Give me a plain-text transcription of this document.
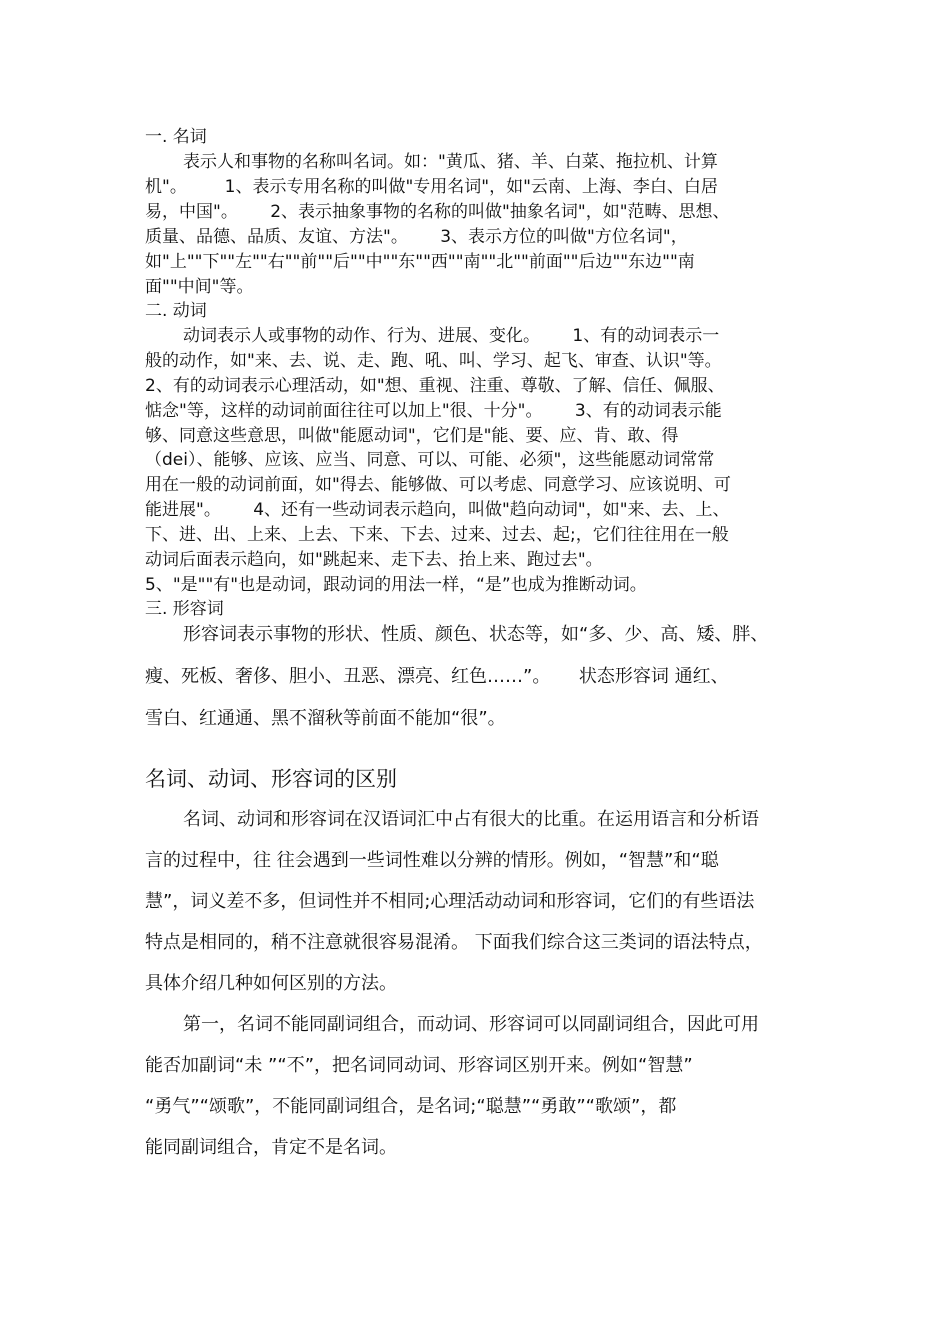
一. 名词
表示人和事物的名称叫名词。如："黄瓜、猪、羊、白菜、拖拉机、计算
机"。       1、表示专用名称的叫做"专用名词"，如"云南、上海、李白、白居
易，中国"。      2、表示抽象事物的名称的叫做"抽象名词"，如"范畴、思想、
质量、品德、品质、友谊、方法"。      3、表示方位的叫做"方位名词"，
如"上""下""左""右""前""后""中""东""西""南""北""前面""后边""东边""南
面""中间"等。
二. 动词
动词表示人或事物的动作、行为、进展、变化。      1、有的动词表示一
般的动作，如"来、去、说、走、跑、吼、叫、学习、起飞、审查、认识"等。
2、有的动词表示心理活动，如"想、重视、注重、尊敬、了解、信任、佩服、
惦念"等，这样的动词前面往往可以加上"很、十分"。      3、有的动词表示能
够、同意这些意思，叫做"能愿动词"，它们是"能、要、应、肯、敢、得
（dei）、能够、应该、应当、同意、可以、可能、必须"，这些能愿动词常常
用在一般的动词前面，如"得去、能够做、可以考虑、同意学习、应该说明、可
能进展"。      4、还有一些动词表示趋向，叫做"趋向动词"，如"来、去、上、
下、进、出、上来、上去、下来、下去、过来、过去、起;，它们往往用在一般
动词后面表示趋向，如"跳起来、走下去、抬上来、跑过去"。
5、"是""有"也是动词，跟动词的用法一样，“是”也成为推断动词。
三. 形容词
形容词表示事物的形状、性质、颜色、状态等，如“多、少、高、矮、胖、
瘦、死板、奢侈、胆小、丑恶、漂亮、红色……”。     状态形容词 通红、
雪白、红通通、黑不溜秋等前面不能加“很”。
名词、动词、形容词的区别
名词、动词和形容词在汉语词汇中占有很大的比重。在运用语言和分析语
言的过程中，往 往会遇到一些词性难以分辨的情形。例如，“智慧”和“聪
慧”，词义差不多，但词性并不相同;心理活动动词和形容词，它们的有些语法
特点是相同的，稍不注意就很容易混淆。 下面我们综合这三类词的语法特点，
具体介绍几种如何区别的方法。
第一，名词不能同副词组合，而动词、形容词可以同副词组合，因此可用
能否加副词“未 ”“不”，把名词同动词、形容词区别开来。例如“智慧”
“勇气”“颂歌”，不能同副词组合，是名词;“聪慧”“勇敢”“歌颂”，都
能同副词组合，肯定不是名词。
